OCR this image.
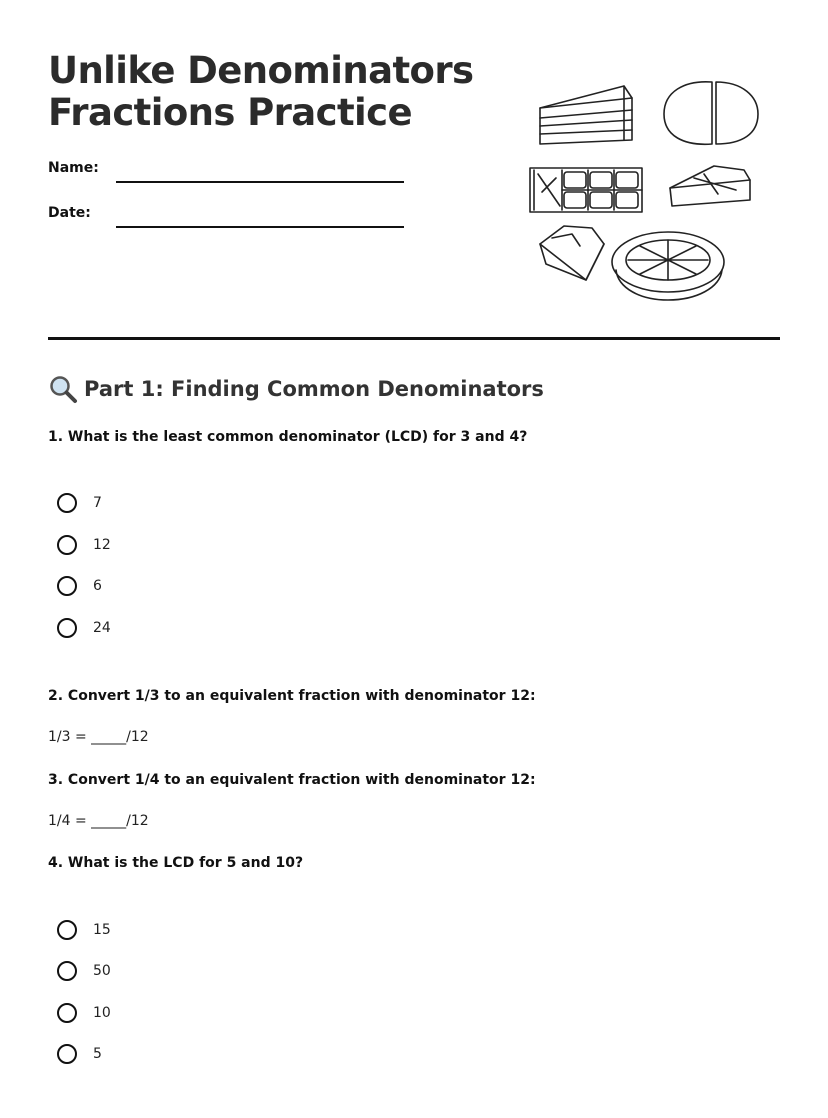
Unlike Denominators
Fractions Practice
Name:
Date:
Part 1: Finding Common Denominators

1. What is the least common denominator (LCD) for 3 and 4?

7
12
6
24

2. Convert 1/3 to an equivalent fraction with denominator 12:

1/3 = _____/12

3. Convert 1/4 to an equivalent fraction with denominator 12:

1/4 = _____/12

4. What is the LCD for 5 and 10?

15
50
10
5
